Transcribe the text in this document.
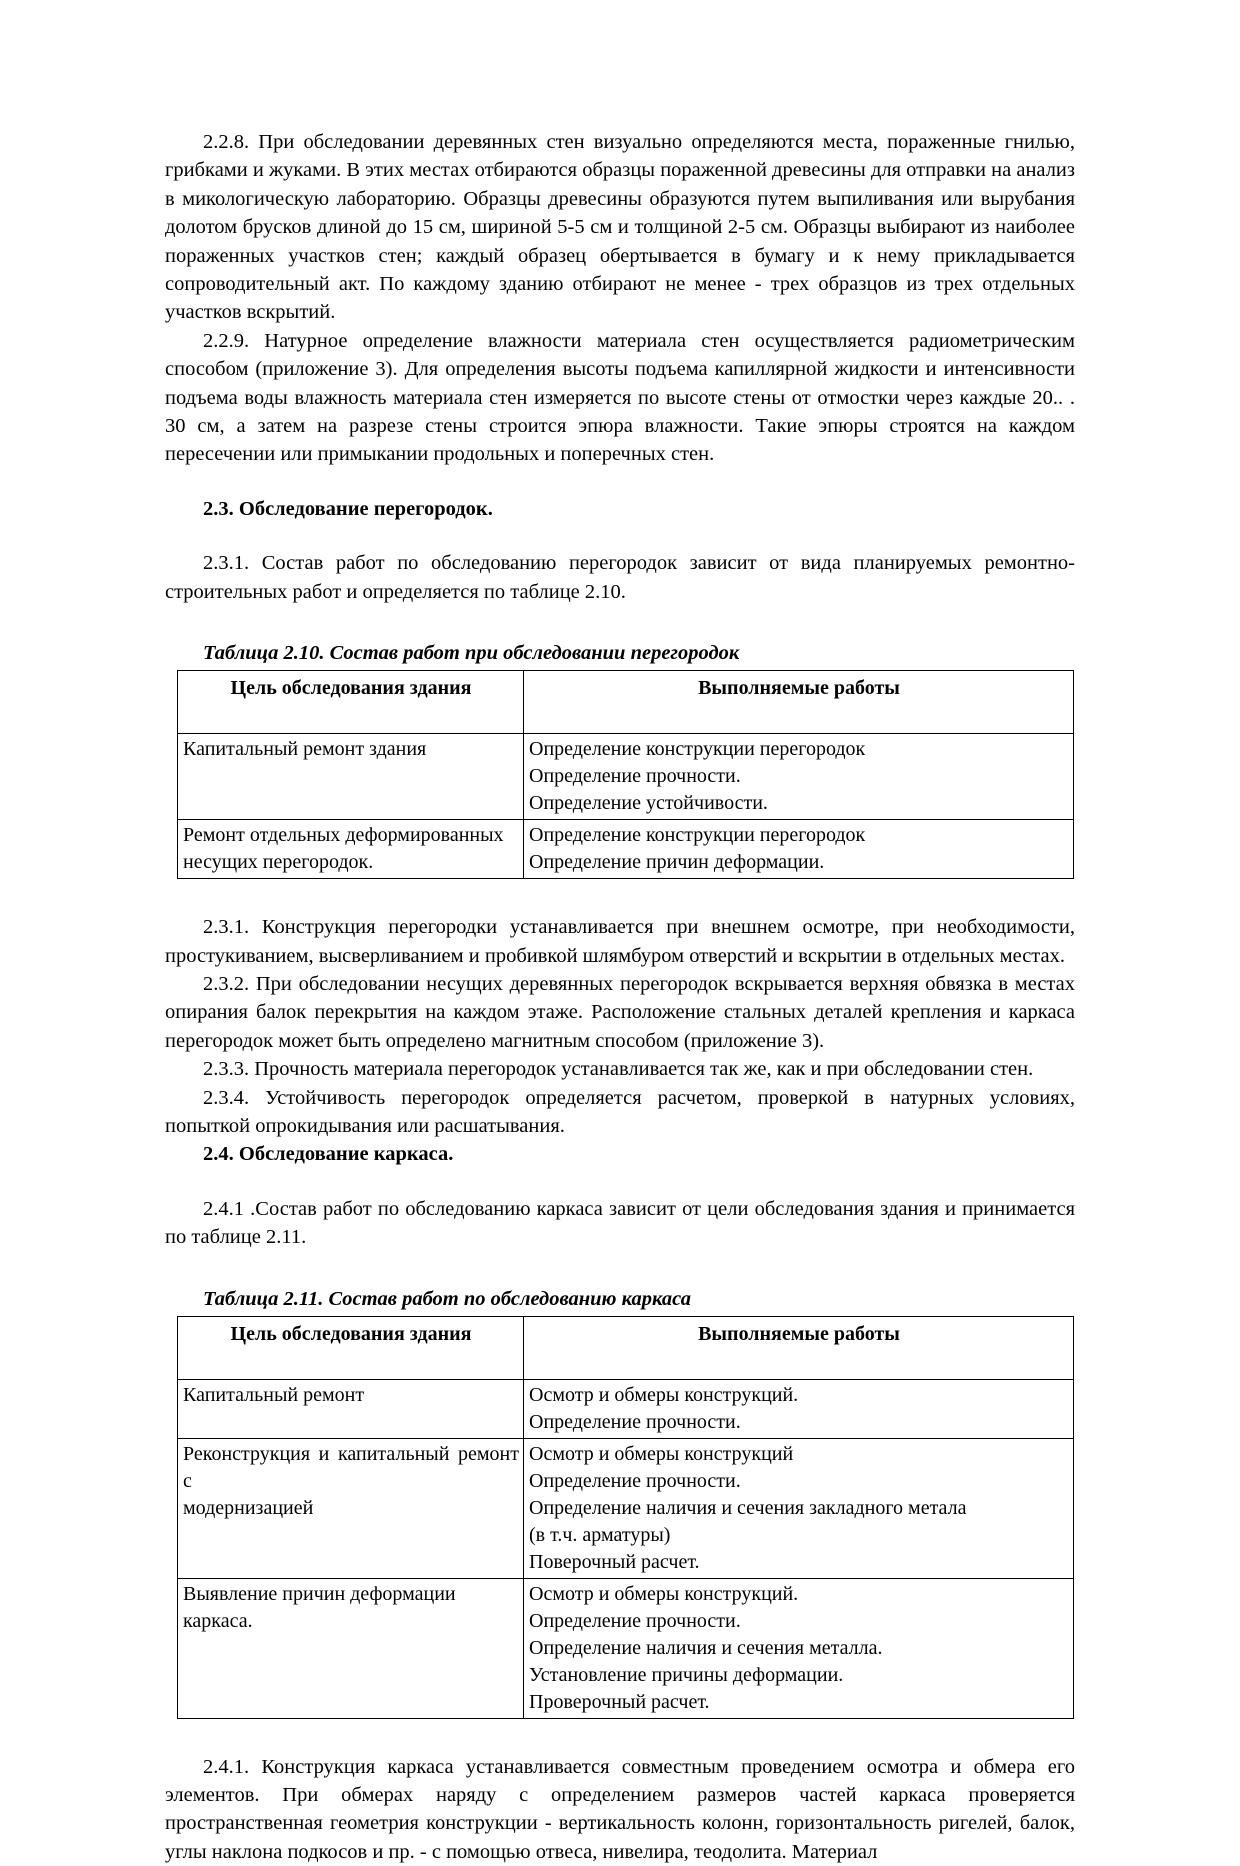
2.2.8. При обследовании деревянных стен визуально определяются места, пораженные гнилью, грибками и жуками. В этих местах отбираются образцы пораженной древесины для отправки на анализ в микологическую лабораторию. Образцы древесины образуются путем выпиливания или вырубания долотом брусков длиной до 15 см, шириной 5-5 см и толщиной 2-5 см. Образцы выбирают из наиболее пораженных участков стен; каждый образец обертывается в бумагу и к нему прикладывается сопроводительный акт. По каждому зданию отбирают не менее - трех образцов из трех отдельных участков вскрытий.

2.2.9. Натурное определение влажности материала стен осуществляется радиометрическим способом (приложение 3). Для определения высоты подъема капиллярной жидкости и интенсивности подъема воды влажность материала стен измеряется по высоте стены от отмостки через каждые 20.. . 30 см, а затем на разрезе стены строится эпюра влажности. Такие эпюры строятся на каждом пересечении или примыкании продольных и поперечных стен.

2.3. Обследование перегородок.

2.3.1. Состав работ по обследованию перегородок зависит от вида планируемых ремонтно-строительных работ и определяется по таблице 2.10.

Таблица 2.10. Состав работ при обследовании перегородок
Цель обследования здания	Выполняемые работы

Капитальный ремонт здания	Определение конструкции перегородок
Определение прочности.
Определение устойчивости.

Ремонт отдельных деформированных
несущих перегородок.	Определение конструкции перегородок
Определение причин деформации.

2.3.1. Конструкция перегородки устанавливается при внешнем осмотре, при необходимости, простукиванием, высверливанием и пробивкой шлямбуром отверстий и вскрытии в отдельных местах.

2.3.2. При обследовании несущих деревянных перегородок вскрывается верхняя обвязка в местах опирания балок перекрытия на каждом этаже. Расположение стальных деталей крепления и каркаса перегородок может быть определено магнитным способом (приложение 3).

2.3.3. Прочность материала перегородок устанавливается так же, как и при обследовании стен.

2.3.4. Устойчивость перегородок определяется расчетом, проверкой в натурных условиях, попыткой опрокидывания или расшатывания.

2.4. Обследование каркаса.

2.4.1 .Состав работ по обследованию каркаса зависит от цели обследования здания и принимается по таблице 2.11.

Таблица 2.11. Состав работ по обследованию каркаса
Цель обследования здания	Выполняемые работы

Капитальный ремонт	Осмотр и обмеры конструкций.
Определение прочности.

Реконструкция и капитальный ремонт с
модернизацией	Осмотр и обмеры конструкций
Определение прочности.
Определение наличия и сечения закладного метала
(в т.ч. арматуры)
Поверочный расчет.

Выявление причин деформации каркаса.	Осмотр и обмеры конструкций.
Определение прочности.
Определение наличия и сечения металла.
Установление причины деформации.
Проверочный расчет.

2.4.1. Конструкция каркаса устанавливается совместным проведением осмотра и обмера его элементов. При обмерах наряду с определением размеров частей каркаса проверяется пространственная геометрия конструкции - вертикальность колонн, горизонтальность ригелей, балок, углы наклона подкосов и пр. - с помощью отвеса, нивелира, теодолита. Материал
